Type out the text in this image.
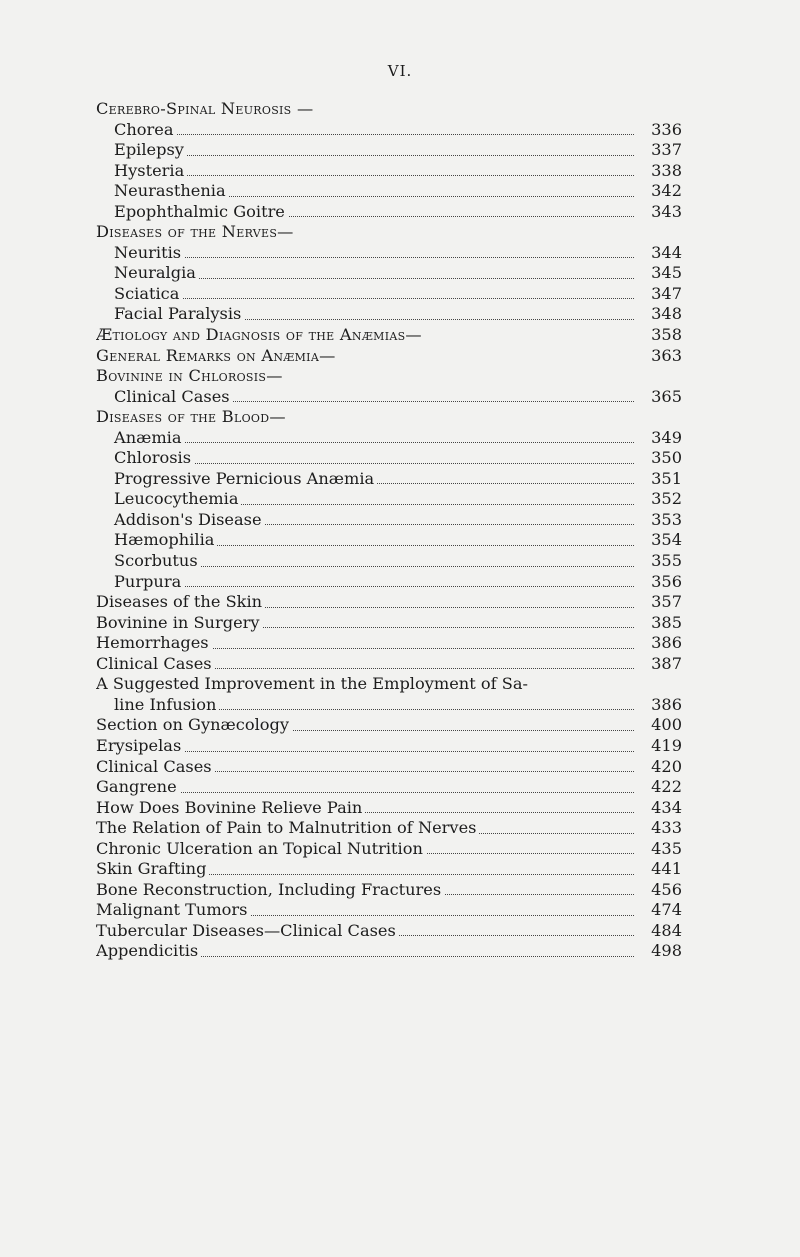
VI.
Cerebro-Spinal Neurosis —
Chorea	336
Epilepsy	337
Hysteria	338
Neurasthenia	342
Epophthalmic Goitre	343
Diseases of the Nerves—
Neuritis	344
Neuralgia	345
Sciatica	347
Facial Paralysis	348
Ætiology and Diagnosis of the Anæmias—	358
General Remarks on Anæmia—	363
Bovinine in Chlorosis—
Clinical Cases	365
Diseases of the Blood—
Anæmia	349
Chlorosis	350
Progressive Pernicious Anæmia	351
Leucocythemia	352
Addison's Disease	353
Hæmophilia	354
Scorbutus	355
Purpura	356
Diseases of the Skin	357
Bovinine in Surgery	385
Hemorrhages	386
Clinical Cases	387
A Suggested Improvement in the Employment of Sa-
line Infusion	386
Section on Gynæcology	400
Erysipelas	419
Clinical Cases	420
Gangrene	422
How Does Bovinine Relieve Pain	434
The Relation of Pain to Malnutrition of Nerves	433
Chronic Ulceration an Topical Nutrition	435
Skin Grafting	441
Bone Reconstruction, Including Fractures	456
Malignant Tumors	474
Tubercular Diseases—Clinical Cases	484
Appendicitis	498
